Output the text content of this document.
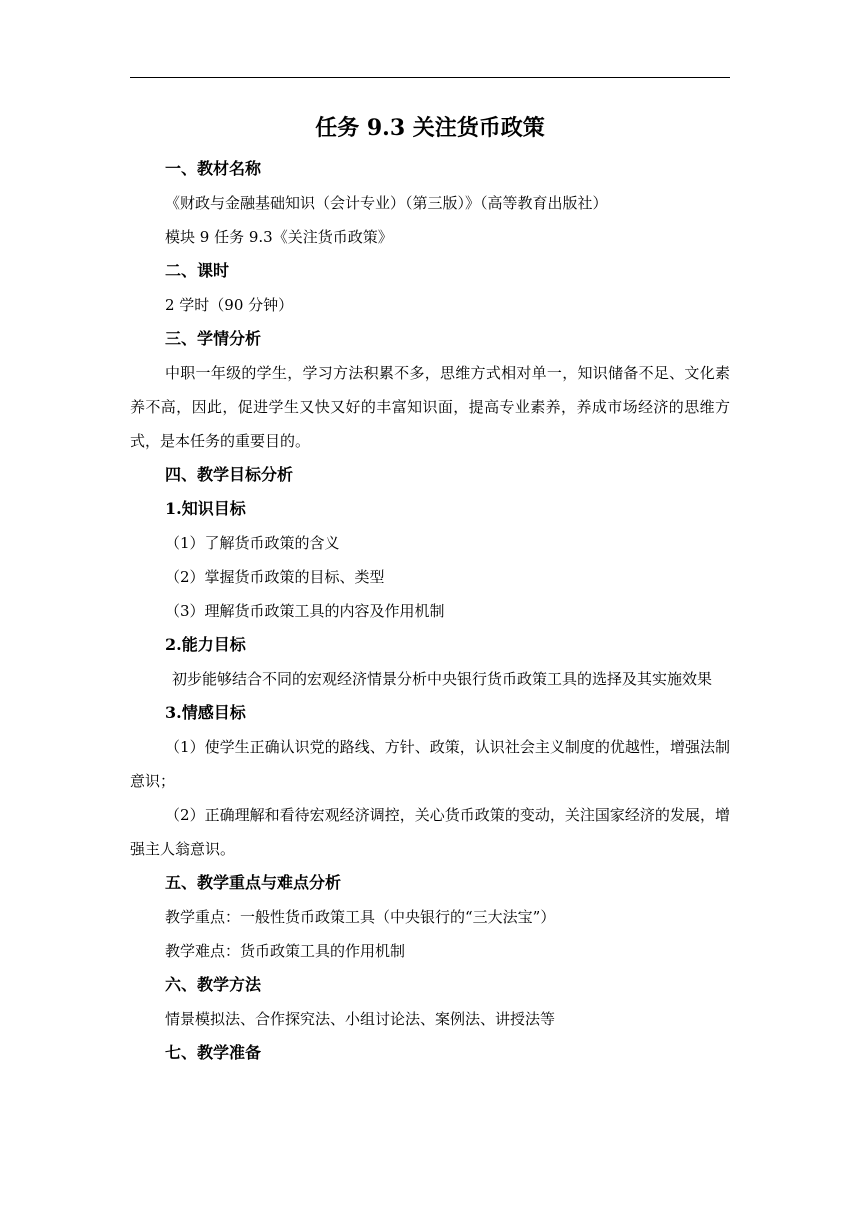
任务 9.3 关注货币政策
一、教材名称
《财政与金融基础知识（会计专业）（第三版）》（高等教育出版社）
模块 9 任务 9.3《关注货币政策》
二、课时
2 学时（90 分钟）
三、学情分析
中职一年级的学生，学习方法积累不多，思维方式相对单一，知识储备不足、文化素养不高，因此，促进学生又快又好的丰富知识面，提高专业素养，养成市场经济的思维方式，是本任务的重要目的。
四、教学目标分析
1.知识目标
（1）了解货币政策的含义
（2）掌握货币政策的目标、类型
（3）理解货币政策工具的内容及作用机制
2.能力目标
初步能够结合不同的宏观经济情景分析中央银行货币政策工具的选择及其实施效果
3.情感目标
（1）使学生正确认识党的路线、方针、政策，认识社会主义制度的优越性，增强法制意识；
（2）正确理解和看待宏观经济调控，关心货币政策的变动，关注国家经济的发展，增强主人翁意识。
五、教学重点与难点分析
教学重点：一般性货币政策工具（中央银行的“三大法宝”）
教学难点：货币政策工具的作用机制
六、教学方法
情景模拟法、合作探究法、小组讨论法、案例法、讲授法等
七、教学准备
